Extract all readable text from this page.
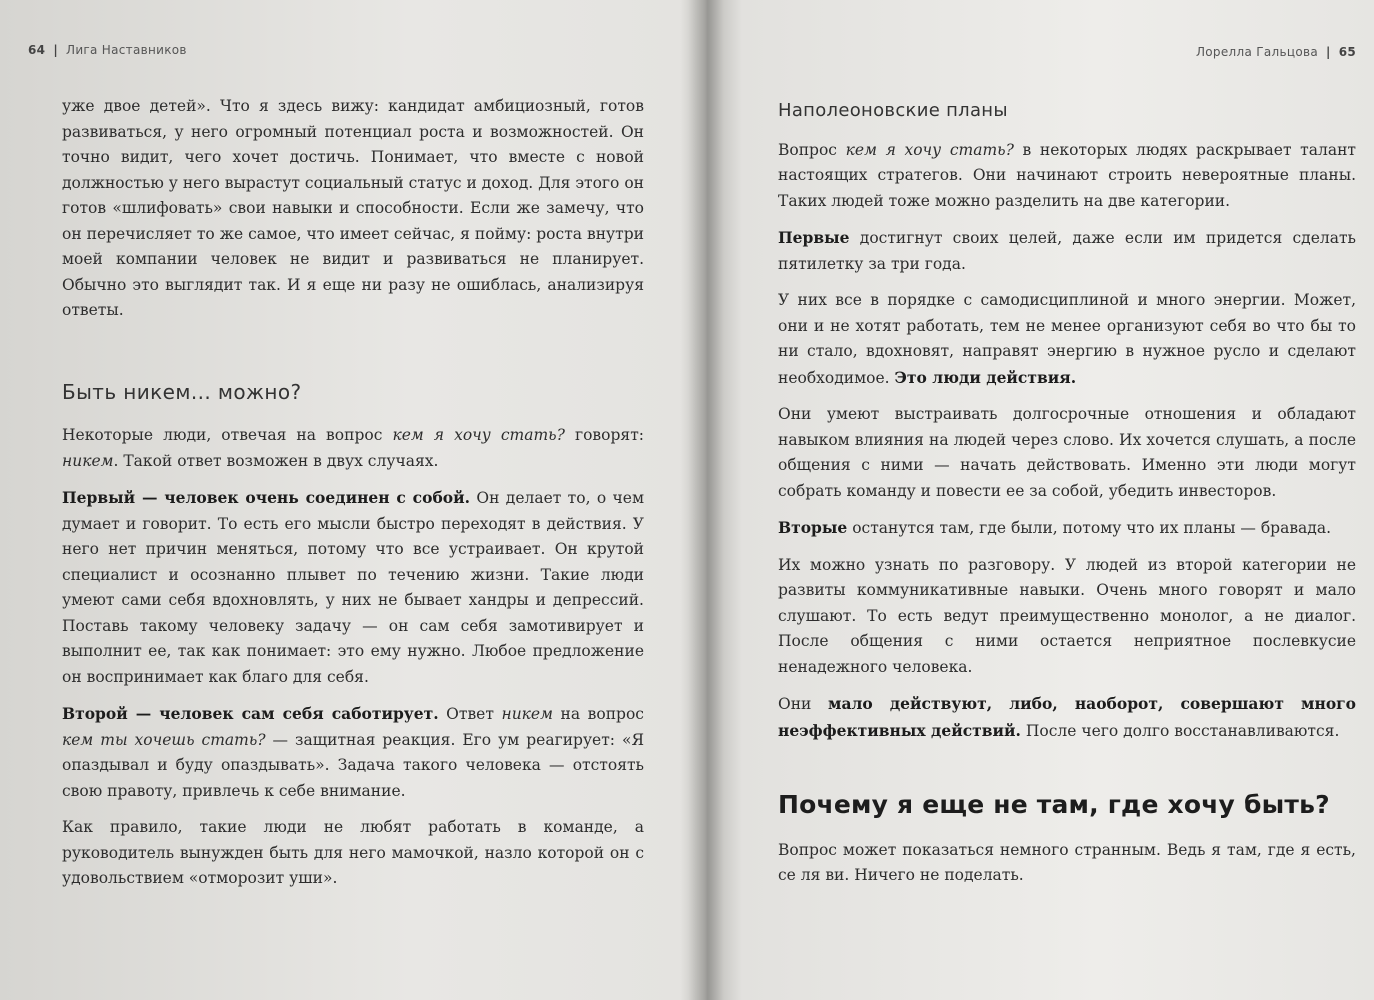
64 | Лига Наставников

уже двое детей». Что я здесь вижу: кандидат амбициозный, готов развиваться, у него огромный потенциал роста и возможностей. Он точно видит, чего хочет достичь. Понимает, что вместе с новой должностью у него вырастут социальный статус и доход. Для этого он готов «шлифовать» свои навыки и способности. Если же замечу, что он перечисляет то же самое, что имеет сейчас, я пойму: роста внутри моей компании человек не видит и развиваться не планирует. Обычно это выглядит так. И я еще ни разу не ошиблась, анализируя ответы.

Быть никем... можно?

Некоторые люди, отвечая на вопрос кем я хочу стать? говорят: никем. Такой ответ возможен в двух случаях.

Первый — человек очень соединен с собой. Он делает то, о чем думает и говорит. То есть его мысли быстро переходят в действия. У него нет причин меняться, потому что все устраивает. Он крутой специалист и осознанно плывет по течению жизни. Такие люди умеют сами себя вдохновлять, у них не бывает хандры и депрессий. Поставь такому человеку задачу — он сам себя замотивирует и выполнит ее, так как понимает: это ему нужно. Любое предложение он воспринимает как благо для себя.

Второй — человек сам себя саботирует. Ответ никем на вопрос кем ты хочешь стать? — защитная реакция. Его ум реагирует: «Я опаздывал и буду опаздывать». Задача такого человека — отстоять свою правоту, привлечь к себе внимание.

Как правило, такие люди не любят работать в команде, а руководитель вынужден быть для него мамочкой, назло которой он с удовольствием «отморозит уши».

Лорелла Гальцова | 65
Наполеоновские планы

Вопрос кем я хочу стать? в некоторых людях раскрывает талант настоящих стратегов. Они начинают строить невероятные планы. Таких людей тоже можно разделить на две категории.

Первые достигнут своих целей, даже если им придется сделать пятилетку за три года.

У них все в порядке с самодисциплиной и много энергии. Может, они и не хотят работать, тем не менее организуют себя во что бы то ни стало, вдохновят, направят энергию в нужное русло и сделают необходимое. Это люди действия.

Они умеют выстраивать долгосрочные отношения и обладают навыком влияния на людей через слово. Их хочется слушать, а после общения с ними — начать действовать. Именно эти люди могут собрать команду и повести ее за собой, убедить инвесторов.

Вторые останутся там, где были, потому что их планы — бравада.

Их можно узнать по разговору. У людей из второй категории не развиты коммуникативные навыки. Очень много говорят и мало слушают. То есть ведут преимущественно монолог, а не диалог. После общения с ними остается неприятное послевкусие ненадежного человека.

Они мало действуют, либо, наоборот, совершают много неэффективных действий. После чего долго восстанавливаются.

Почему я еще не там, где хочу быть?

Вопрос может показаться немного странным. Ведь я там, где я есть, се ля ви. Ничего не поделать.
